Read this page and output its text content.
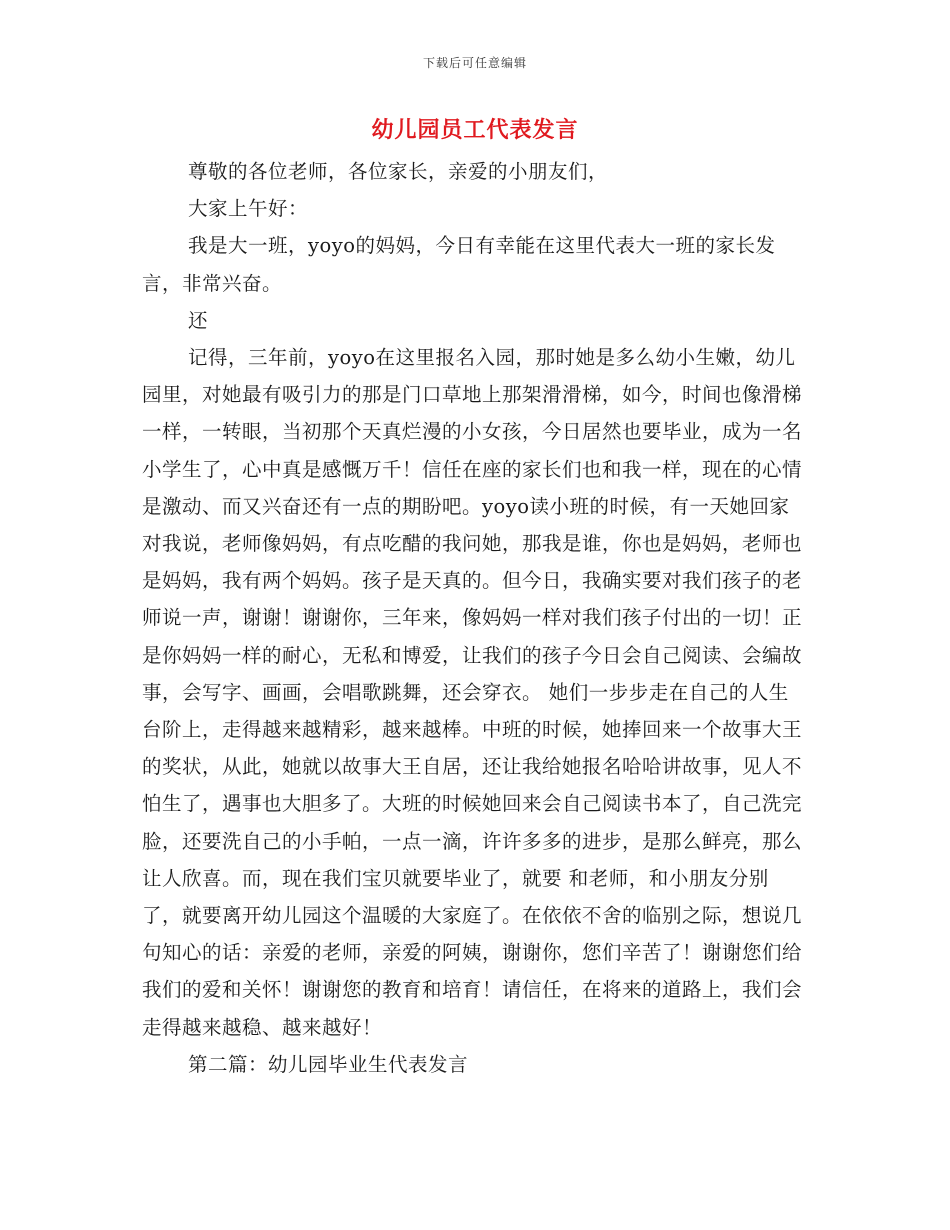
下载后可任意编辑
幼儿园员工代表发言

尊敬的各位老师，各位家长，亲爱的小朋友们，

大家上午好：

我是大一班，yoyo的妈妈，今日有幸能在这里代表大一班的家长发言，非常兴奋。

还

记得，三年前，yoyo在这里报名入园，那时她是多么幼小生嫩，幼儿园里，对她最有吸引力的那是门口草地上那架滑滑梯，如今，时间也像滑梯一样，一转眼，当初那个天真烂漫的小女孩，今日居然也要毕业，成为一名小学生了，心中真是感慨万千！信任在座的家长们也和我一样，现在的心情是激动、而又兴奋还有一点的期盼吧。yoyo读小班的时候，有一天她回家对我说，老师像妈妈，有点吃醋的我问她，那我是谁，你也是妈妈，老师也是妈妈，我有两个妈妈。孩子是天真的。但今日，我确实要对我们孩子的老师说一声，谢谢！谢谢你，三年来，像妈妈一样对我们孩子付出的一切！正是你妈妈一样的耐心，无私和博爱，让我们的孩子今日会自己阅读、会编故事，会写字、画画，会唱歌跳舞，还会穿衣。 她们一步步走在自己的人生台阶上，走得越来越精彩，越来越棒。中班的时候，她捧回来一个故事大王的奖状，从此，她就以故事大王自居，还让我给她报名哈哈讲故事，见人不怕生了，遇事也大胆多了。大班的时候她回来会自己阅读书本了，自己洗完脸，还要洗自己的小手帕，一点一滴，许许多多的进步，是那么鲜亮，那么让人欣喜。而，现在我们宝贝就要毕业了，就要 和老师，和小朋友分别了，就要离开幼儿园这个温暖的大家庭了。在依依不舍的临别之际，想说几句知心的话：亲爱的老师，亲爱的阿姨，谢谢你，您们辛苦了！谢谢您们给我们的爱和关怀！谢谢您的教育和培育！请信任，在将来的道路上，我们会走得越来越稳、越来越好！

第二篇：幼儿园毕业生代表发言
